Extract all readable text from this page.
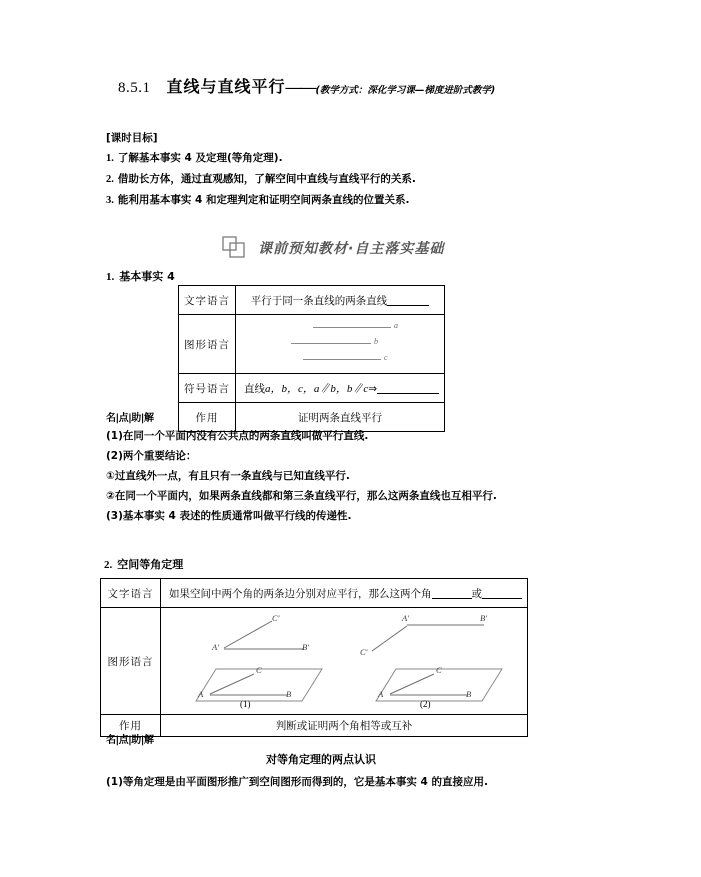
8.5.1 直线与直线平行 —— (教学方式：深化学习课—梯度进阶式教学)
[课时目标]
1. 了解基本事实 4 及定理(等角定理).
2. 借助长方体，通过直观感知，了解空间中直线与直线平行的关系.
3. 能利用基本事实 4 和定理判定和证明空间两条直线的位置关系.
课前预知教材·自主落实基础
1. 基本事实 4
文字语言	平行于同一条直线的两条直线
图形语言	a
b
c

符号语言	直线a，b，c，a∥b，b∥c⇒
作用	证明两条直线平行
名|点|助|解
(1)在同一个平面内没有公共点的两条直线叫做平行直线.
(2)两个重要结论：
①过直线外一点，有且只有一条直线与已知直线平行.
②在同一个平面内，如果两条直线都和第三条直线平行，那么这两条直线也互相平行.
(3)基本事实 4 表述的性质通常叫做平行线的传递性.
2. 空间等角定理
文字语言	如果空间中两个角的两条边分别对应平行，那么这两个角 或
图形语言	
A'	B'
C'
A	B
C
(1)
A'	B'
C'
A	B
C
(2)

作用	判断或证明两个角相等或互补
名|点|助|解
对等角定理的两点认识
(1)等角定理是由平面图形推广到空间图形而得到的，它是基本事实 4 的直接应用.
